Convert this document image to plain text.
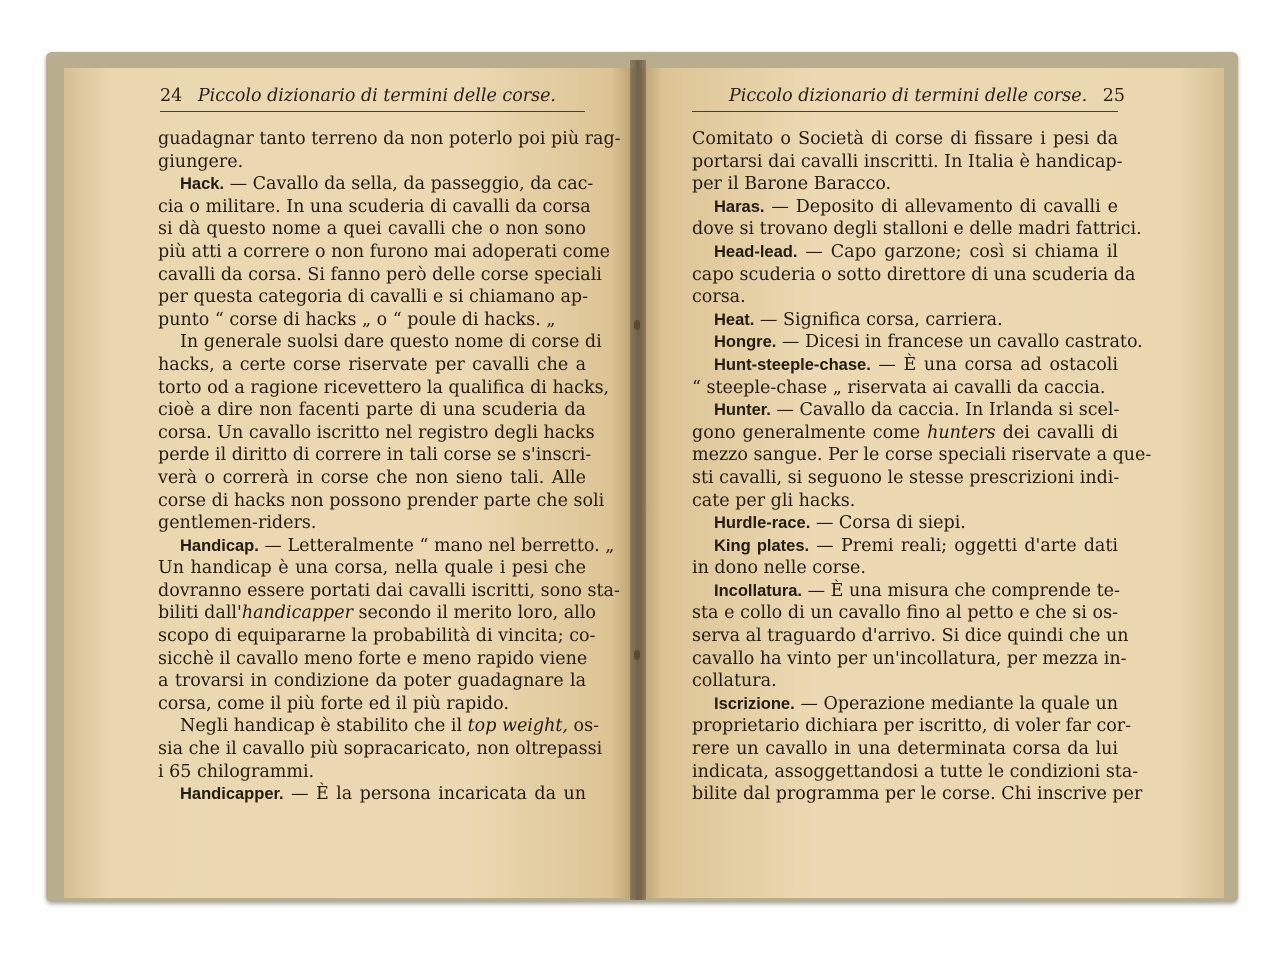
24 Piccolo dizionario di termini delle corse.	Piccolo dizionario di termini delle corse. 25
guadagnar tanto terreno da non poterlo poi più rag-
giungere.
Hack. — Cavallo da sella, da passeggio, da cac-
cia o militare. In una scuderia di cavalli da corsa
si dà questo nome a quei cavalli che o non sono
più atti a correre o non furono mai adoperati come
cavalli da corsa. Si fanno però delle corse speciali
per questa categoria di cavalli e si chiamano ap-
punto “ corse di hacks „ o “ poule di hacks. „
In generale suolsi dare questo nome di corse di
hacks, a certe corse riservate per cavalli che a
torto od a ragione ricevettero la qualifica di hacks,
cioè a dire non facenti parte di una scuderia da
corsa. Un cavallo iscritto nel registro degli hacks
perde il diritto di correre in tali corse se s'inscri-
verà o correrà in corse che non sieno tali. Alle
corse di hacks non possono prender parte che soli
gentlemen-riders.
Handicap. — Letteralmente “ mano nel berretto. „
Un handicap è una corsa, nella quale i pesi che
dovranno essere portati dai cavalli iscritti, sono sta-
biliti dall'handicapper secondo il merito loro, allo
scopo di equipararne la probabilità di vincita; co-
sicchè il cavallo meno forte e meno rapido viene
a trovarsi in condizione da poter guadagnare la
corsa, come il più forte ed il più rapido.
Negli handicap è stabilito che il top weight, os-
sia che il cavallo più sopracaricato, non oltrepassi
i 65 chilogrammi.
Handicapper. — È la persona incaricata da un
Comitato o Società di corse di fissare i pesi da
portarsi dai cavalli inscritti. In Italia è handicap-
per il Barone Baracco.
Haras. — Deposito di allevamento di cavalli e
dove si trovano degli stalloni e delle madri fattrici.
Head-lead. — Capo garzone; così si chiama il
capo scuderia o sotto direttore di una scuderia da
corsa.
Heat. — Significa corsa, carriera.
Hongre. — Dicesi in francese un cavallo castrato.
Hunt-steeple-chase. — È una corsa ad ostacoli
“ steeple-chase „ riservata ai cavalli da caccia.
Hunter. — Cavallo da caccia. In Irlanda si scel-
gono generalmente come hunters dei cavalli di
mezzo sangue. Per le corse speciali riservate a que-
sti cavalli, si seguono le stesse prescrizioni indi-
cate per gli hacks.
Hurdle-race. — Corsa di siepi.
King plates. — Premi reali; oggetti d'arte dati
in dono nelle corse.
Incollatura. — È una misura che comprende te-
sta e collo di un cavallo fino al petto e che si os-
serva al traguardo d'arrivo. Si dice quindi che un
cavallo ha vinto per un'incollatura, per mezza in-
collatura.
Iscrizione. — Operazione mediante la quale un
proprietario dichiara per iscritto, di voler far cor-
rere un cavallo in una determinata corsa da lui
indicata, assoggettandosi a tutte le condizioni sta-
bilite dal programma per le corse. Chi inscrive per
